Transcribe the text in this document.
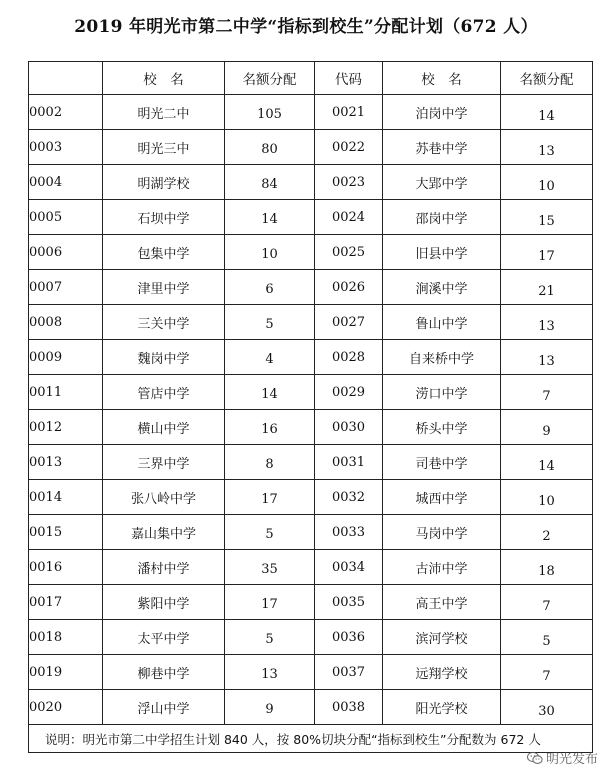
2019 年明光市第二中学“指标到校生”分配计划（672 人）
	校　名	名额分配	代码	校　名	名额分配
0002	明光二中	105	0021	泊岗中学	14
0003	明光三中	80	0022	苏巷中学	13
0004	明湖学校	84	0023	大郢中学	10
0005	石坝中学	14	0024	邵岗中学	15
0006	包集中学	10	0025	旧县中学	17
0007	津里中学	6	0026	涧溪中学	21
0008	三关中学	5	0027	鲁山中学	13
0009	魏岗中学	4	0028	自来桥中学	13
0011	管店中学	14	0029	涝口中学	7
0012	横山中学	16	0030	桥头中学	9
0013	三界中学	8	0031	司巷中学	14
0014	张八岭中学	17	0032	城西中学	10
0015	嘉山集中学	5	0033	马岗中学	2
0016	潘村中学	35	0034	古沛中学	18
0017	紫阳中学	17	0035	高王中学	7
0018	太平中学	5	0036	滨河学校	5
0019	柳巷中学	13	0037	远翔学校	7
0020	浮山中学	9	0038	阳光学校	30
说明：明光市第二中学招生计划 840 人，按 80%切块分配“指标到校生”分配数为 672 人					
明光发布
